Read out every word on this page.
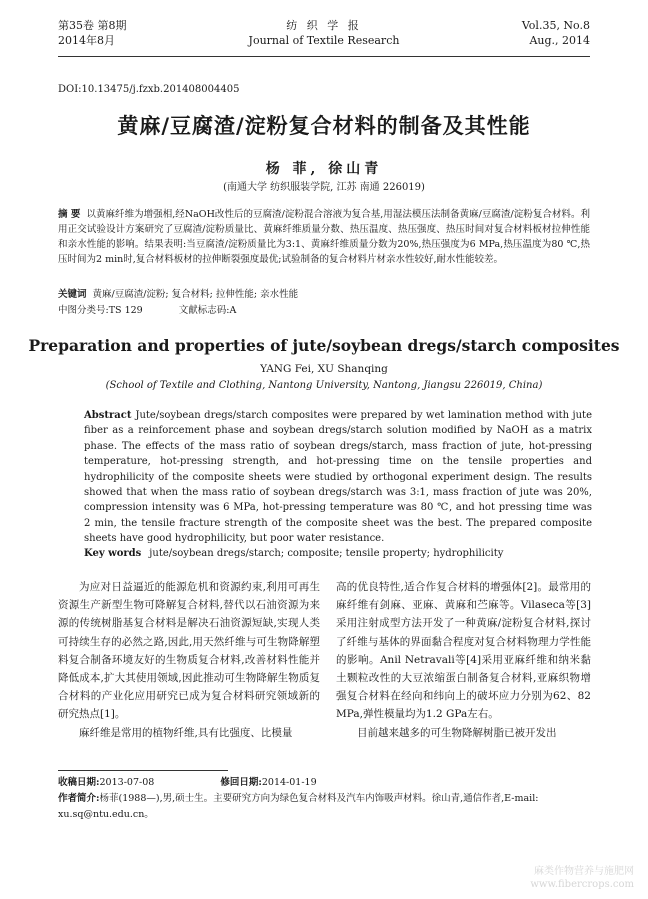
第35卷 第8期
2014年8月
纺 织 学 报
Journal of Textile Research
Vol.35, No.8
Aug., 2014
DOI:10.13475/j.fzxb.201408004405
黄麻/豆腐渣/淀粉复合材料的制备及其性能
杨 菲, 徐山青
(南通大学 纺织服装学院, 江苏 南通 226019)
摘 要 以黄麻纤维为增强相,经NaOH改性后的豆腐渣/淀粉混合溶液为复合基,用湿法模压法制备黄麻/豆腐渣/淀粉复合材料。利用正交试验设计方案研究了豆腐渣/淀粉质量比、黄麻纤维质量分数、热压温度、热压强度、热压时间对复合材料板材拉伸性能和亲水性能的影响。结果表明:当豆腐渣/淀粉质量比为3:1、黄麻纤维质量分数为20%,热压强度为6 MPa,热压温度为80 ℃,热压时间为2 min时,复合材料板材的拉伸断裂强度最优;试验制备的复合材料片材亲水性较好,耐水性能较差。
关键词 黄麻/豆腐渣/淀粉; 复合材料; 拉伸性能; 亲水性能
中图分类号:TS 129	文献标志码:A
Preparation and properties of jute/soybean dregs/starch composites
YANG Fei, XU Shanqing
(School of Textile and Clothing, Nantong University, Nantong, Jiangsu 226019, China)
Abstract Jute/soybean dregs/starch composites were prepared by wet lamination method with jute fiber as a reinforcement phase and soybean dregs/starch solution modified by NaOH as a matrix phase. The effects of the mass ratio of soybean dregs/starch, mass fraction of jute, hot-pressing temperature, hot-pressing strength, and hot-pressing time on the tensile properties and hydrophilicity of the composite sheets were studied by orthogonal experiment design. The results showed that when the mass ratio of soybean dregs/starch was 3:1, mass fraction of jute was 20%, compression intensity was 6 MPa, hot-pressing temperature was 80 ℃, and hot pressing time was 2 min, the tensile fracture strength of the composite sheet was the best. The prepared composite sheets have good hydrophilicity, but poor water resistance.
Key words jute/soybean dregs/starch; composite; tensile property; hydrophilicity

为应对日益逼近的能源危机和资源约束,利用可再生资源生产新型生物可降解复合材料,替代以石油资源为来源的传统树脂基复合材料是解决石油资源短缺,实现人类可持续生存的必然之路,因此,用天然纤维与可生物降解塑料复合制备环境友好的生物质复合材料,改善材料性能并降低成本,扩大其使用领域,因此推动可生物降解生物质复合材料的产业化应用研究已成为复合材料研究领域新的研究热点[1]。

麻纤维是常用的植物纤维,具有比强度、比模量

高的优良特性,适合作复合材料的增强体[2]。最常用的麻纤维有剑麻、亚麻、黄麻和苎麻等。Vilaseca等[3]采用注射成型方法开发了一种黄麻/淀粉复合材料,探讨了纤维与基体的界面黏合程度对复合材料物理力学性能的影响。Anil Netravali等[4]采用亚麻纤维和纳米黏土颗粒改性的大豆浓缩蛋白制备复合材料,亚麻织物增强复合材料在经向和纬向上的破坏应力分别为62、82 MPa,弹性模量均为1.2 GPa左右。

目前越来越多的可生物降解树脂已被开发出

收稿日期:2013-07-08	修回日期:2014-01-19
作者简介:杨菲(1988—),男,硕士生。主要研究方向为绿色复合材料及汽车内饰吸声材料。徐山青,通信作者,E-mail: xu.sq@ntu.edu.cn。
麻类作物营养与施肥网
www.fibercrops.com
